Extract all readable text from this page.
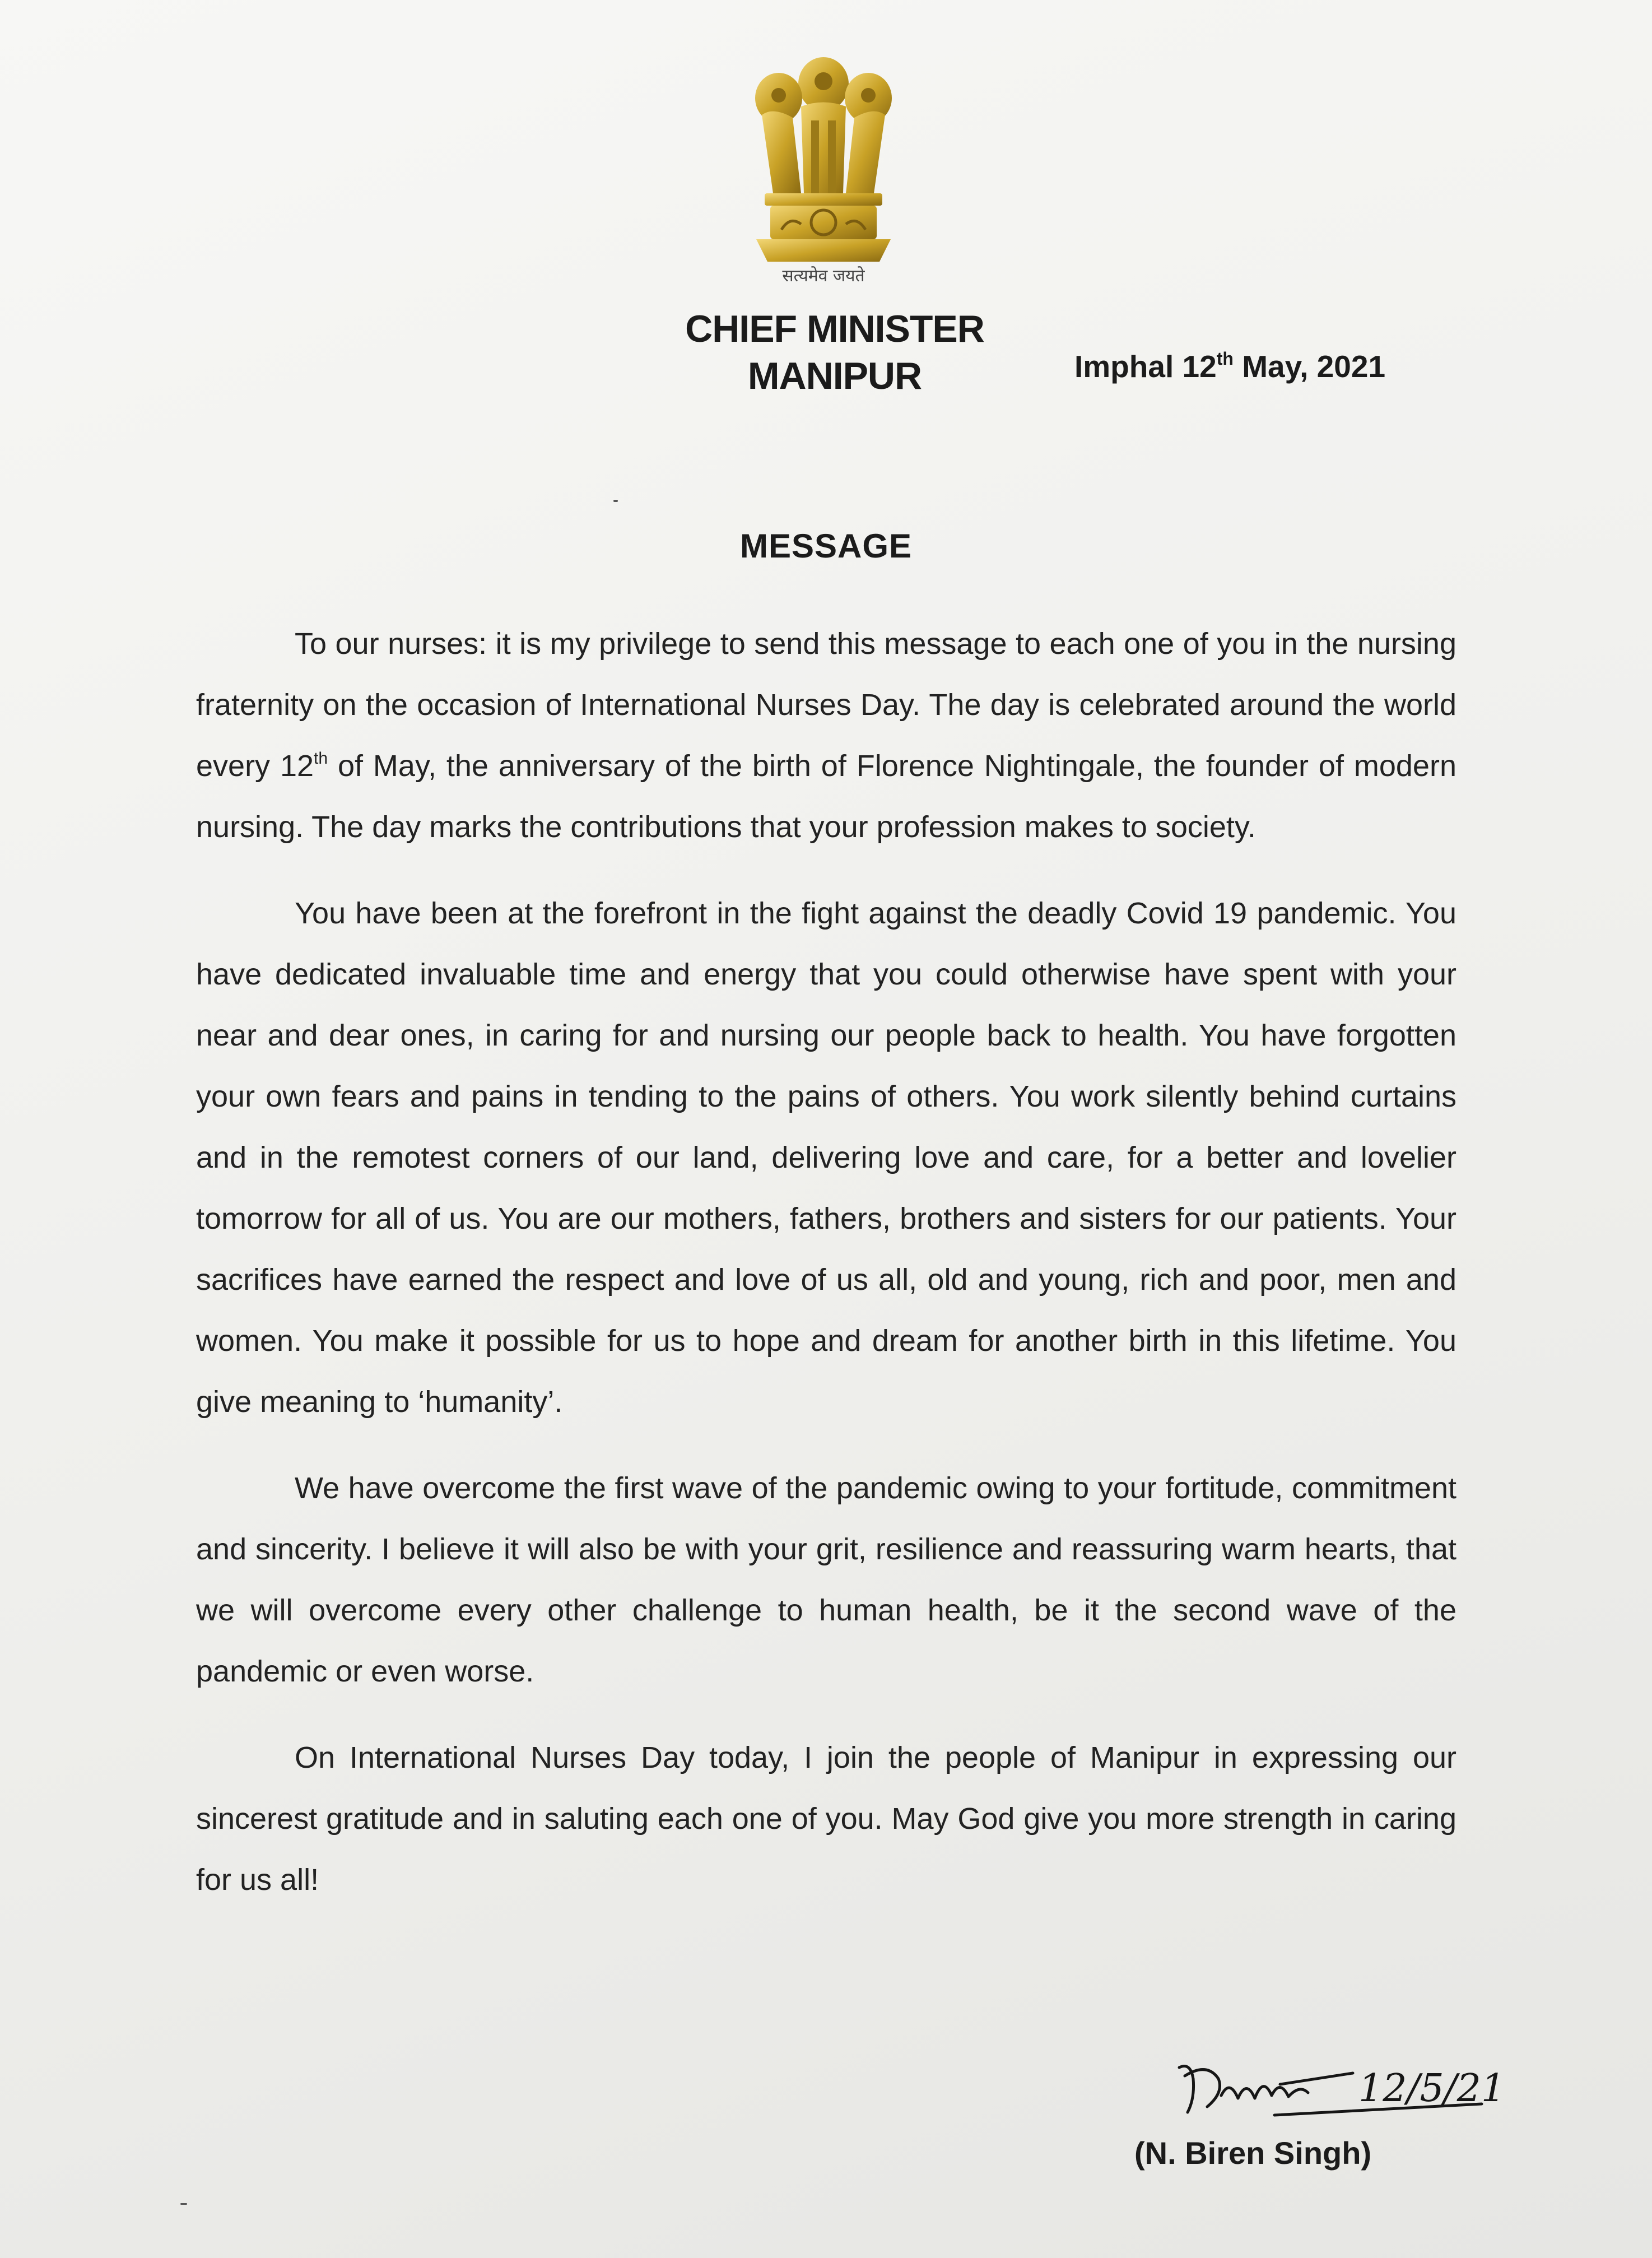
सत्यमेव जयते
CHIEF MINISTER
MANIPUR	Imphal 12th May, 2021
MESSAGE

To our nurses: it is my privilege to send this message to each one of you in the nursing fraternity on the occasion of International Nurses Day. The day is celebrated around the world every 12th of May, the anniversary of the birth of Florence Nightingale, the founder of modern nursing. The day marks the contributions that your profession makes to society.

You have been at the forefront in the fight against the deadly Covid 19 pandemic. You have dedicated invaluable time and energy that you could otherwise have spent with your near and dear ones, in caring for and nursing our people back to health. You have forgotten your own fears and pains in tending to the pains of others. You work silently behind curtains and in the remotest corners of our land, delivering love and care, for a better and lovelier tomorrow for all of us. You are our mothers, fathers, brothers and sisters for our patients. Your sacrifices have earned the respect and love of us all, old and young, rich and poor, men and women. You make it possible for us to hope and dream for another birth in this lifetime. You give meaning to ‘humanity’.

We have overcome the first wave of the pandemic owing to your fortitude, commitment and sincerity. I believe it will also be with your grit, resilience and reassuring warm hearts, that we will overcome every other challenge to human health, be it the second wave of the pandemic or even worse.

On International Nurses Day today, I join the people of Manipur in expressing our sincerest gratitude and in saluting each one of you. May God give you more strength in caring for us all!

12/5/21
(N. Biren Singh)
